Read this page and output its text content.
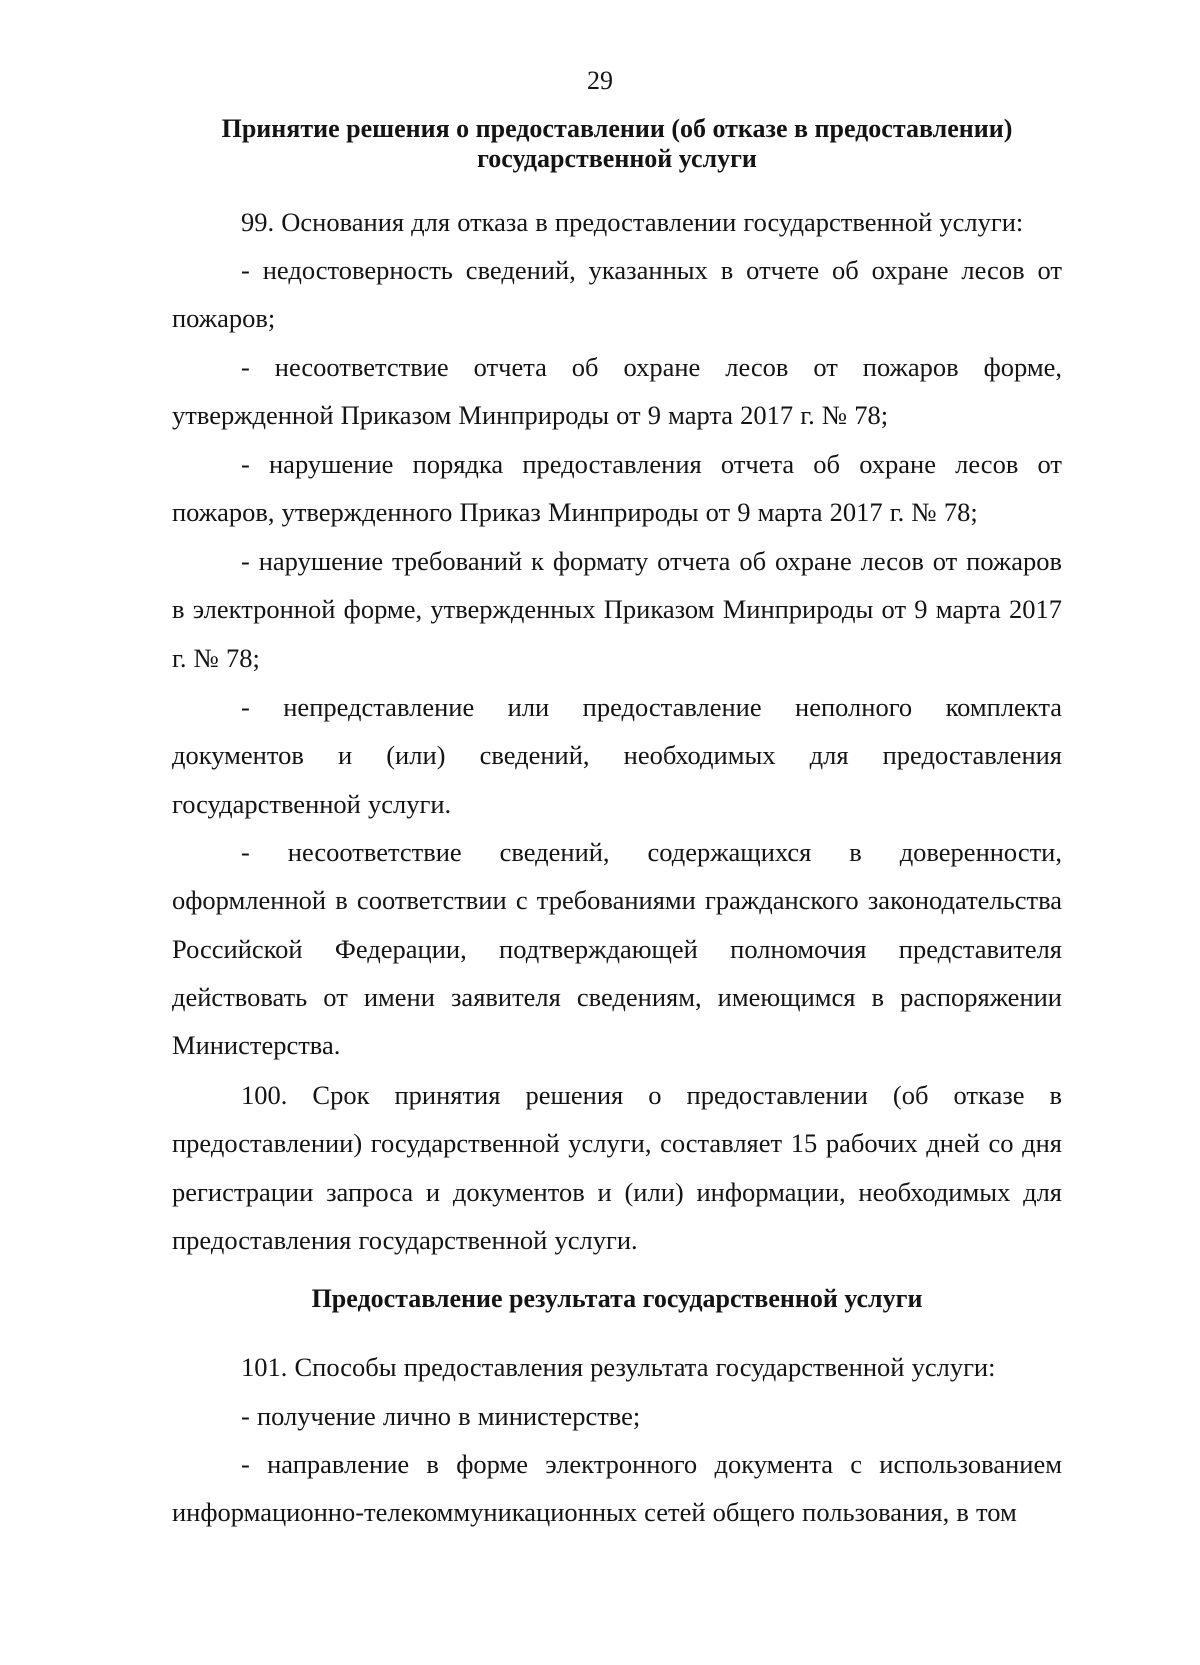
29
Принятие решения о предоставлении (об отказе в предоставлении)
государственной услуги

99. Основания для отказа в предоставлении государственной услуги:

- недостоверность сведений, указанных в отчете об охране лесов от пожаров;

- несоответствие отчета об охране лесов от пожаров форме, утвержденной Приказом Минприроды от 9 марта 2017 г. № 78;

- нарушение порядка предоставления отчета об охране лесов от пожаров, утвержденного Приказ Минприроды от 9 марта 2017 г. № 78;

- нарушение требований к формату отчета об охране лесов от пожаров в электронной форме, утвержденных Приказом Минприроды от 9 марта 2017 г. № 78;

- непредставление или предоставление неполного комплекта документов и (или) сведений, необходимых для предоставления государственной услуги.

- несоответствие сведений, содержащихся в доверенности, оформленной в соответствии с требованиями гражданского законодательства Российской Федерации, подтверждающей полномочия представителя действовать от имени заявителя сведениям, имеющимся в распоряжении Министерства.

100. Срок принятия решения о предоставлении (об отказе в предоставлении) государственной услуги, составляет 15 рабочих дней со дня регистрации запроса и документов и (или) информации, необходимых для предоставления государственной услуги.

Предоставление результата государственной услуги

101. Способы предоставления результата государственной услуги:

- получение лично в министерстве;

- направление в форме электронного документа с использованием информационно-телекоммуникационных сетей общего пользования, в том
